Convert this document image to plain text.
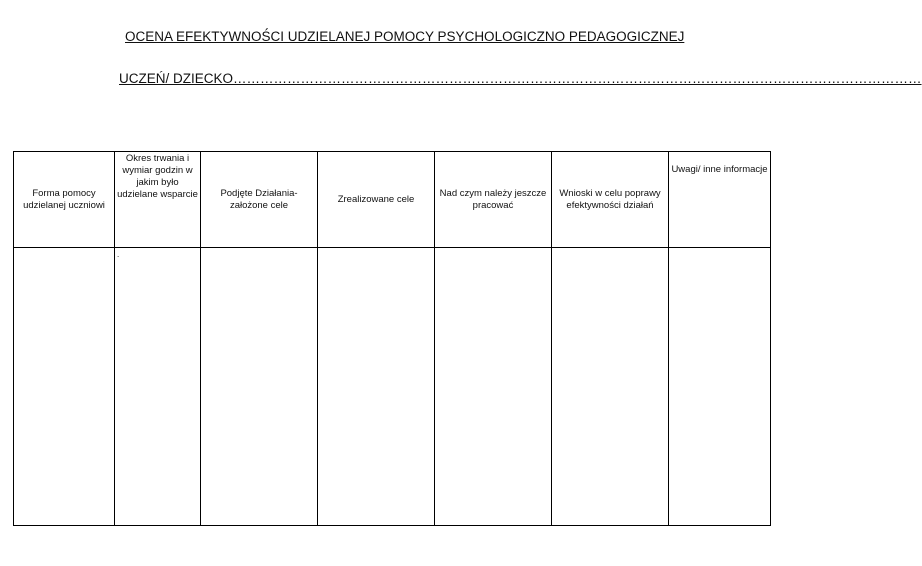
OCENA EFEKTYWNOŚCI UDZIELANEJ POMOCY PSYCHOLOGICZNO PEDAGOGICZNEJ
UCZEŃ/ DZIECKO………………………………………………………………………………………………………………………………………
Forma pomocy udzielanej uczniowi	Okres trwania i wymiar godzin w jakim było udzielane wsparcie	Podjęte Działania- założone cele	Zrealizowane cele	Nad czym należy jeszcze pracować	Wnioski w celu poprawy efektywności działań	Uwagi/ inne informacje

	.					
